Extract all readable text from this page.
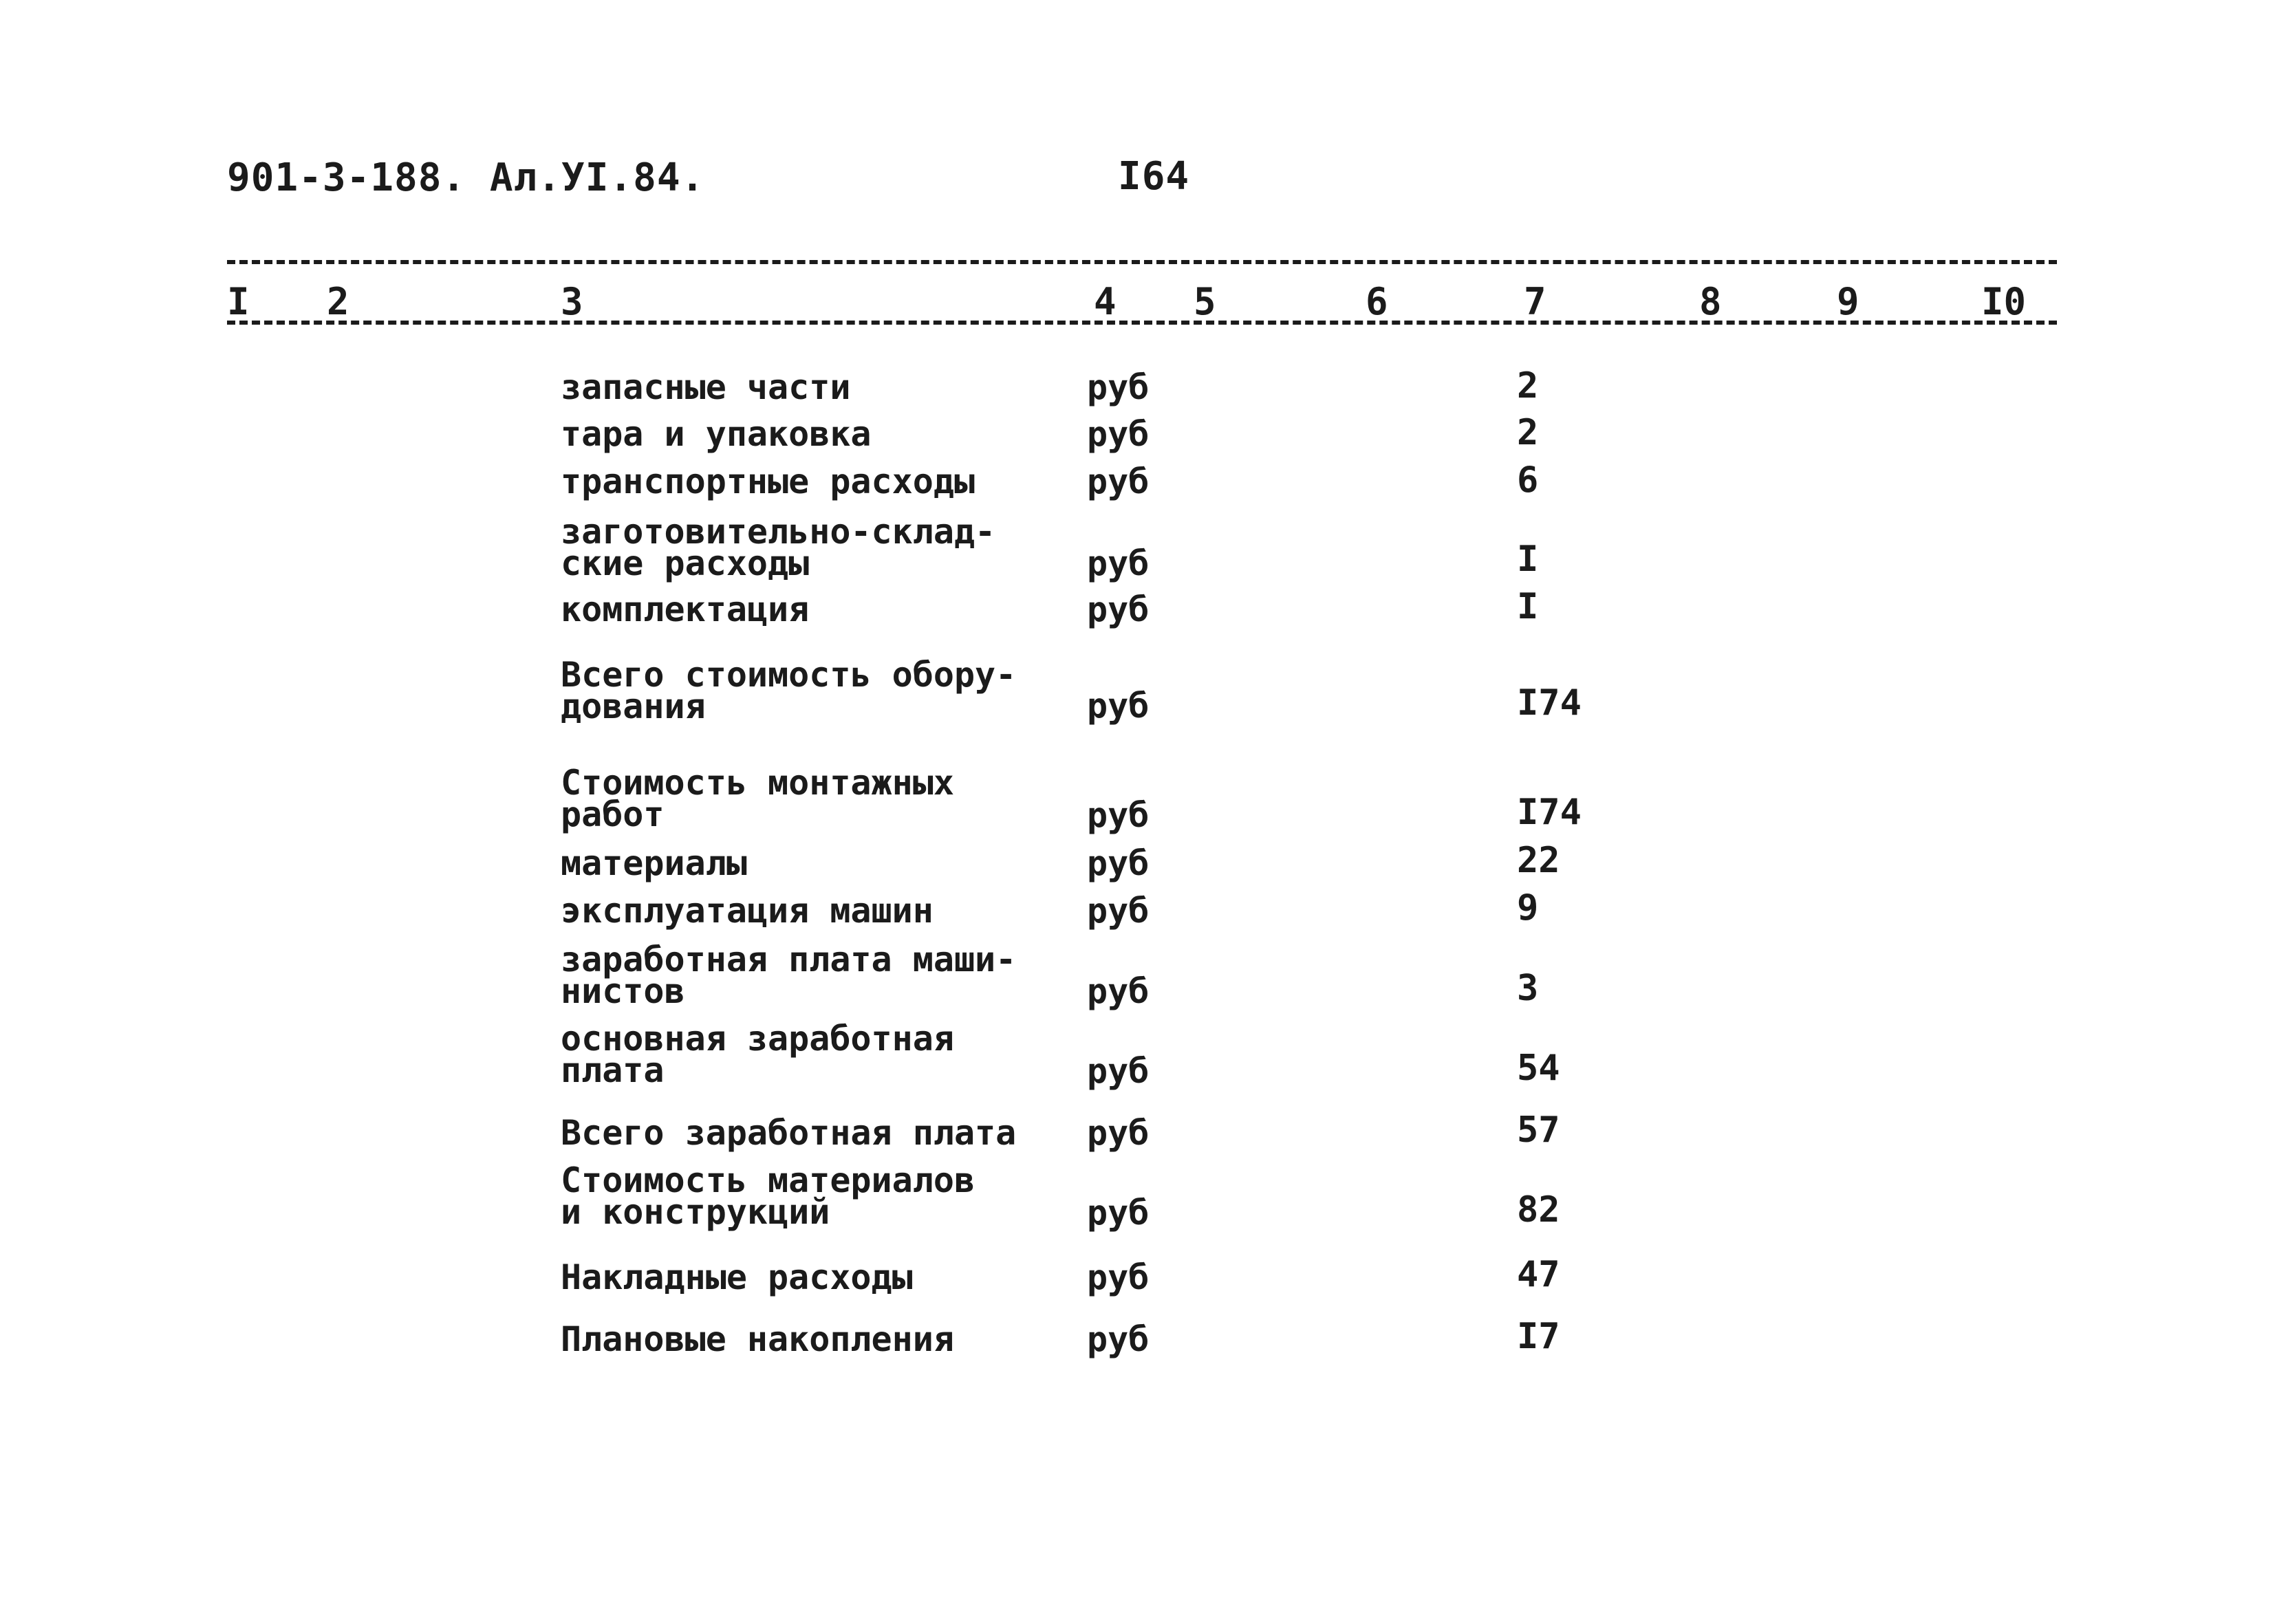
901-3-188. Ал.УI.84.	I64
I 2	3	4 5	6	7	8	9	I0
запасные части	руб	2
тара и упаковка	руб	2
транспортные расходы	руб	6
заготовительно-склад-
ские расходы	руб	I
комплектация	руб	I
Всего стоимость обору-
дования	руб	I74
Стоимость монтажных
работ	руб	I74
материалы	руб	22
эксплуатация машин	руб	9
заработная плата маши-
нистов	руб	3
основная заработная
плата	руб	54
Всего заработная плата	руб	57
Стоимость материалов
и конструкций	руб	82
Накладные расходы	руб	47
Плановые накопления	руб	I7
